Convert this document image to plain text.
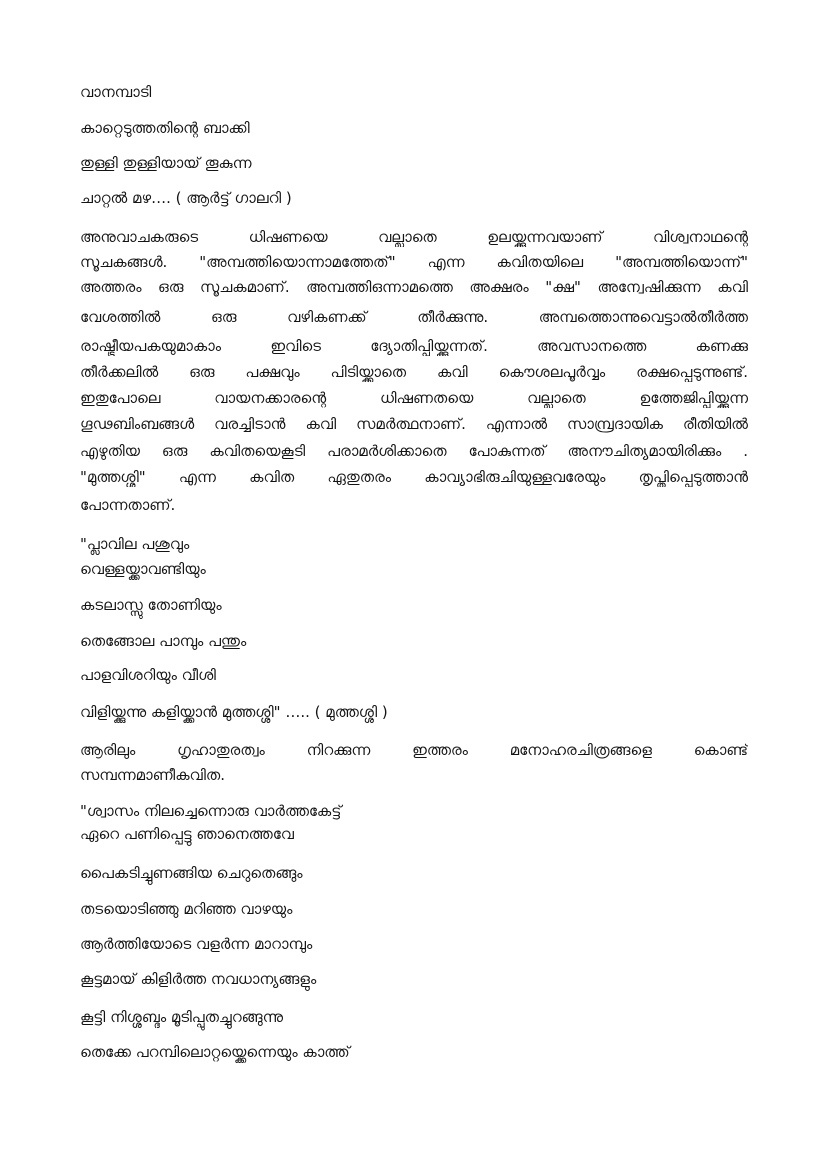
വാനമ്പാടി

കാറ്റെടുത്തതിന്റെ ബാക്കി

തുള്ളി തുള്ളിയായ് തൂകുന്ന

ചാറ്റൽ മഴ…. ( ആർട്ട് ഗാലറി )

അനുവാചകരുടെ ധിഷണയെ വല്ലാതെ ഉലയ്ക്കുന്നവയാണ് വിശ്വനാഥന്റെ

സൂചകങ്ങൾ. "അമ്പത്തിയൊന്നാമത്തേത്" എന്ന കവിതയിലെ "അമ്പത്തിയൊന്ന്"

അത്തരം ഒരു സൂചകമാണ്. അമ്പത്തിഒന്നാമത്തെ അക്ഷരം "ക്ഷ" അന്വേഷിക്കുന്ന കവി

വേശത്തിൽ ഒരു വഴികണക്ക് തീർക്കുന്നു. അമ്പത്തൊന്നുവെട്ടാൽതീർത്ത

രാഷ്ട്രീയപകയുമാകാം ഇവിടെ ദ്യോതിപ്പിയ്ക്കുന്നത്. അവസാനത്തെ കണക്കു

തീർക്കലിൽ ഒരു പക്ഷവും പിടിയ്ക്കാതെ കവി കൌശലപൂർവ്വം രക്ഷപ്പെടുന്നുണ്ട്.

ഇതുപോലെ വായനക്കാരന്റെ ധിഷണതയെ വല്ലാതെ ഉത്തേജിപ്പിയ്ക്കുന്ന

ഗൂഢബിംബങ്ങൾ വരച്ചിടാൻ കവി സമർത്ഥനാണ്. എന്നാൽ സാമ്പ്രദായിക രീതിയിൽ

എഴുതിയ ഒരു കവിതയെകൂടി പരാമർശിക്കാതെ പോകുന്നത് അനൗചിത്യമായിരിക്കും .

"മുത്തശ്ശി" എന്ന കവിത ഏതുതരം കാവ്യാഭിരുചിയുള്ളവരേയും തൃപ്തിപ്പെടുത്താൻ

പോന്നതാണ്.

"പ്ലാവില പശുവും

വെള്ളയ്ക്കാവണ്ടിയും

കടലാസ്സു തോണിയും

തെങ്ങോല പാമ്പും പന്തും

പാളവിശറിയും വീശി

വിളിയ്ക്കുന്നു കളിയ്ക്കാൻ മുത്തശ്ശി" ….. ( മുത്തശ്ശി )

ആരിലും ഗൃഹാതുരത്വം നിറക്കുന്ന ഇത്തരം മനോഹരചിത്രങ്ങളെ കൊണ്ട്

സമ്പന്നമാണീകവിത.

"ശ്വാസം നിലച്ചെന്നൊരു വാർത്തകേട്ട്

ഏറെ പണിപ്പെട്ടു ഞാനെത്തവേ

പൈകടിച്ചുണങ്ങിയ ചെറുതെങ്ങും

തടയൊടിഞ്ഞു മറിഞ്ഞ വാഴയും

ആർത്തിയോടെ വളർന്ന മാറാമ്പും

കൂട്ടമായ് കിളിർത്ത നവധാന്യങ്ങളും

കൂട്ടി നിശ്ശബ്ദം മൂടിപ്പുതച്ചുറങ്ങുന്നു

തെക്കേ പറമ്പിലൊറ്റയ്ക്കെന്നെയും കാത്ത്
